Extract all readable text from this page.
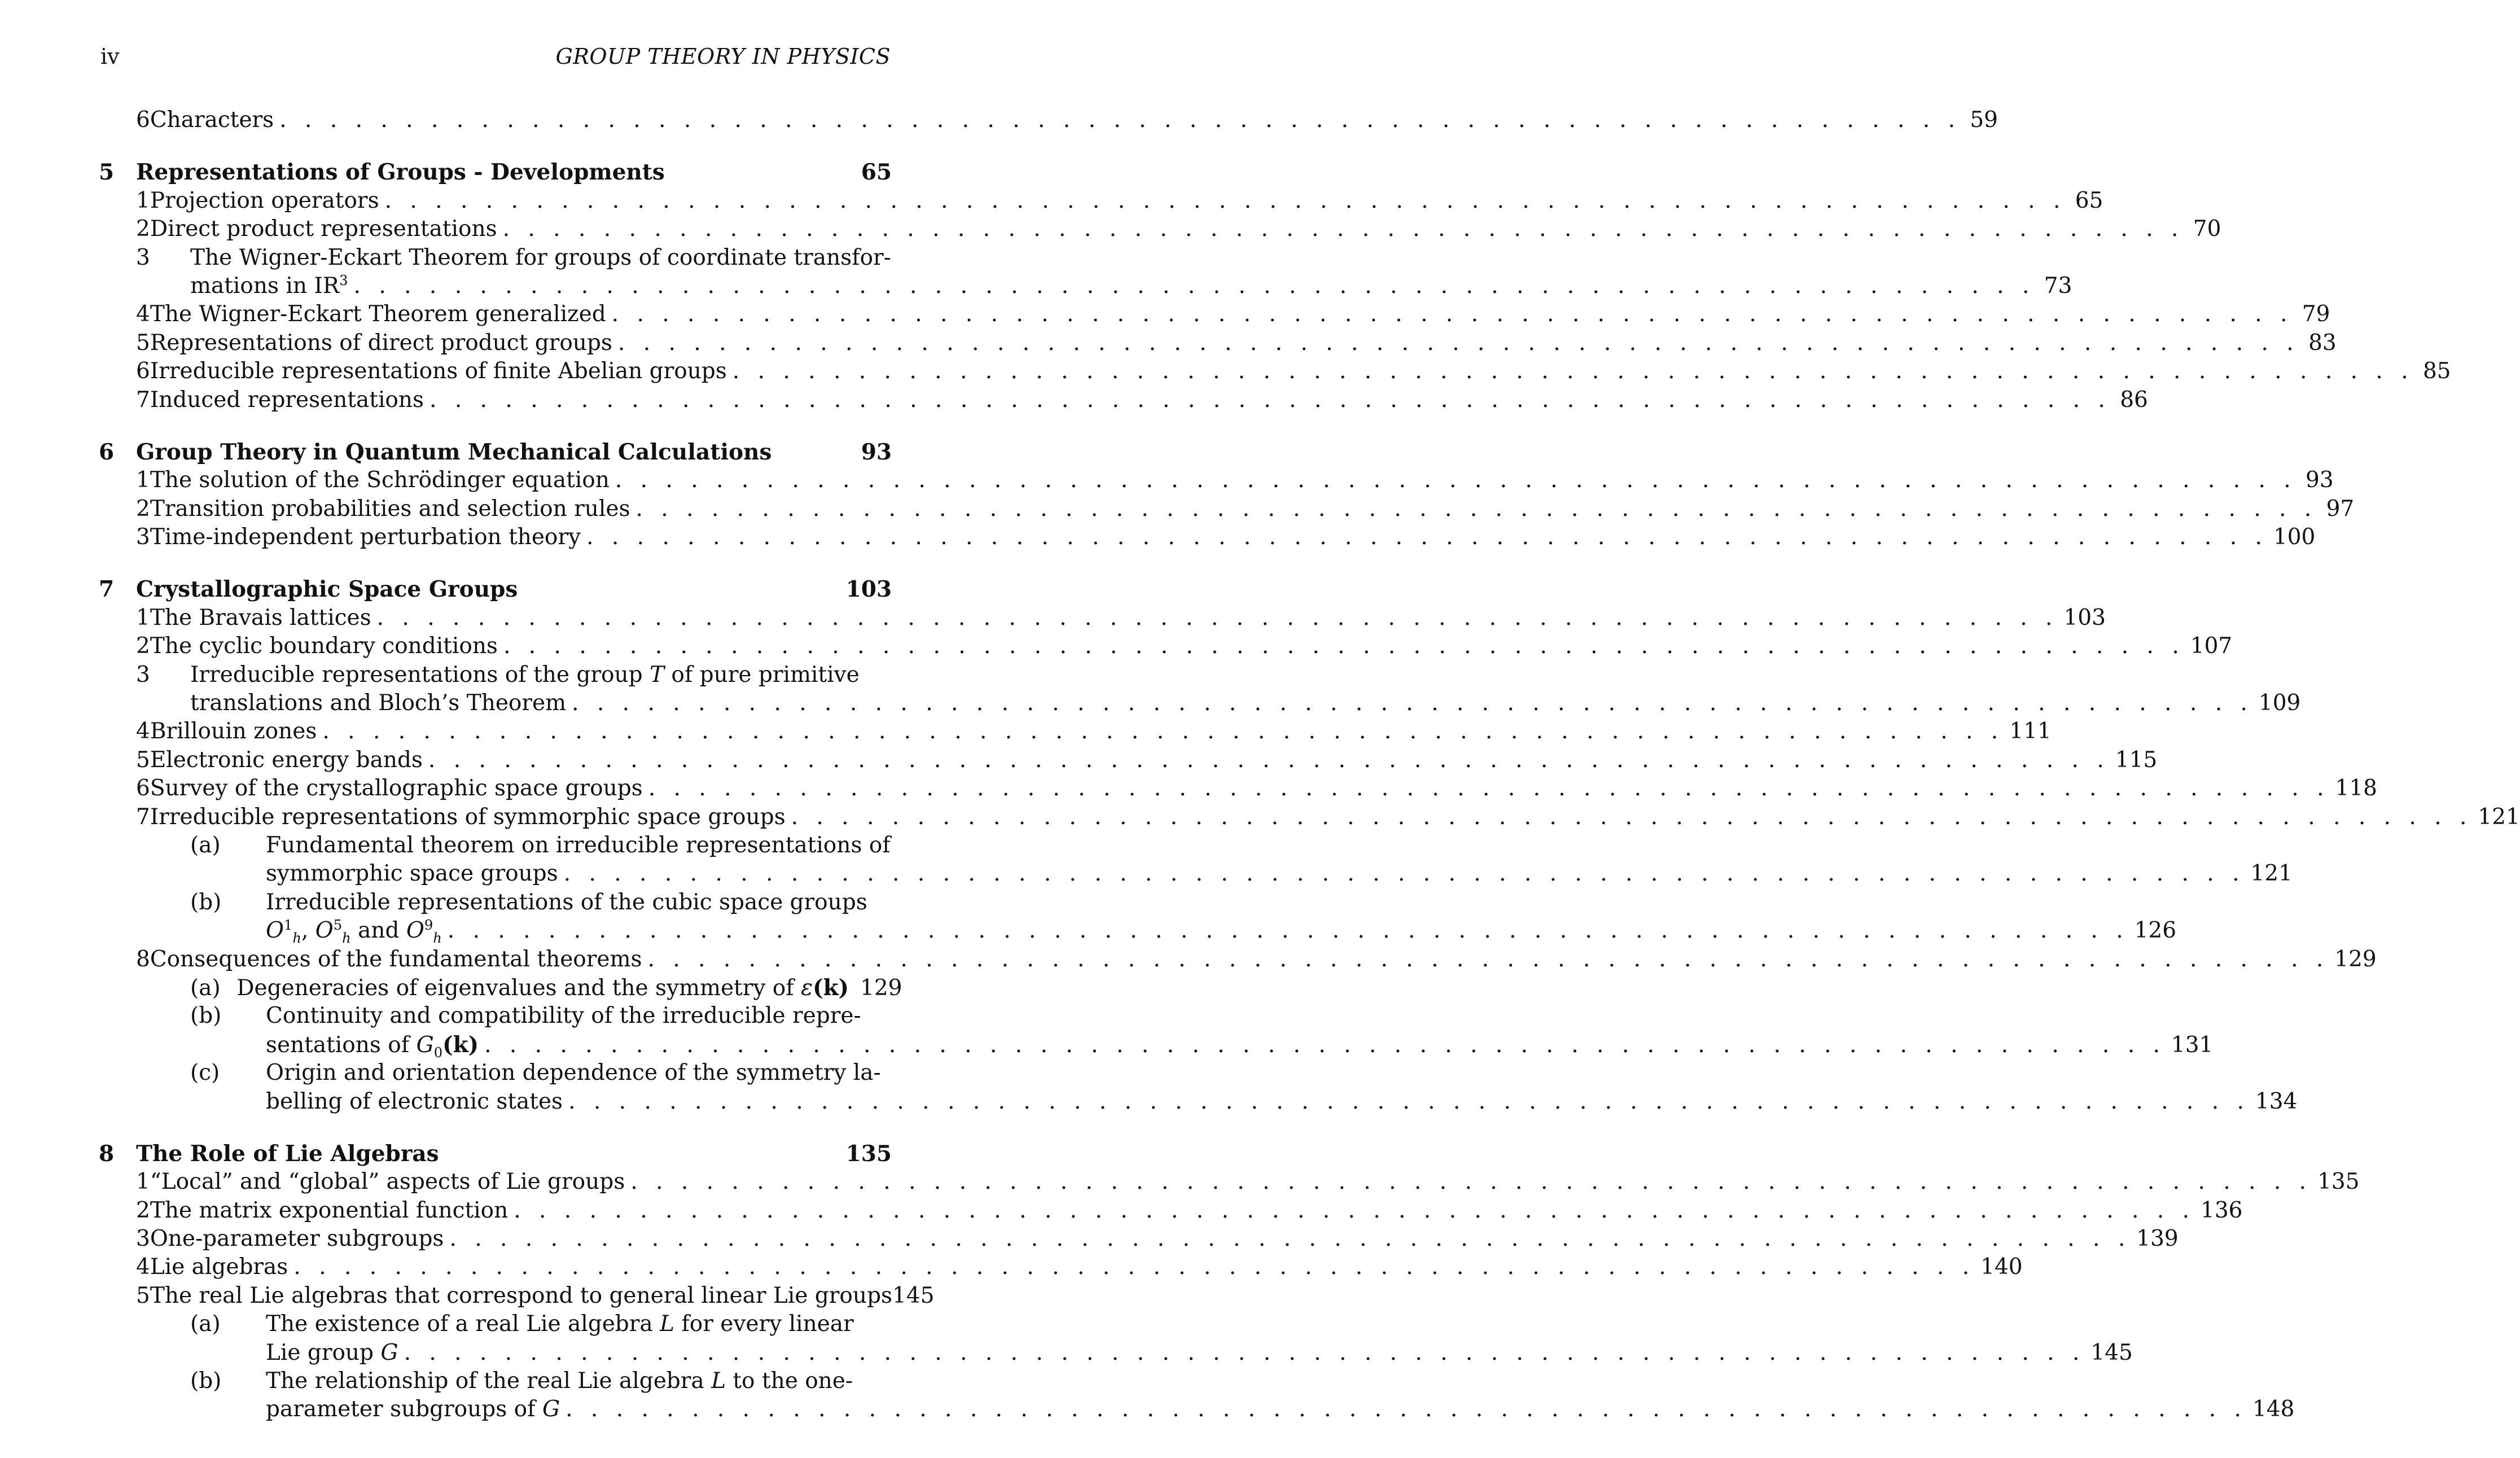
iv	GROUP THEORY IN PHYSICS
6 Characters . . . . . . . . . . . . . . . . . . . . . . . . . . . . . . . . . . . . . . . . . . . . . . . . . . . . . . . . . . . . . . . . . . . 59
5 Representations of Groups - Developments	65
1 Projection operators . . . . . . . . . . . . . . . . . . . . . . . . . . . . . . . . . . . . . . . . . . . . . . . . . . . . . . . . . . . . . . . . . . . 65
2 Direct product representations . . . . . . . . . . . . . . . . . . . . . . . . . . . . . . . . . . . . . . . . . . . . . . . . . . . . . . . . . . . . . . . . . . . 70
3	The Wigner-Eckart Theorem for groups of coordinate transfor-
mations in $IR^3$ . . . . . . . . . . . . . . . . . . . . . . . . . . . . . . . . . . . . . . . . . . . . . . . . . . . . . . . . . . . . . . . . . . . 73
4 The Wigner-Eckart Theorem generalized . . . . . . . . . . . . . . . . . . . . . . . . . . . . . . . . . . . . . . . . . . . . . . . . . . . . . . . . . . . . . . . . . . . 79
5 Representations of direct product groups . . . . . . . . . . . . . . . . . . . . . . . . . . . . . . . . . . . . . . . . . . . . . . . . . . . . . . . . . . . . . . . . . . . 83
6 Irreducible representations of finite Abelian groups . . . . . . . . . . . . . . . . . . . . . . . . . . . . . . . . . . . . . . . . . . . . . . . . . . . . . . . . . . . . . . . . . . . 85
7 Induced representations . . . . . . . . . . . . . . . . . . . . . . . . . . . . . . . . . . . . . . . . . . . . . . . . . . . . . . . . . . . . . . . . . . . 86
6 Group Theory in Quantum Mechanical Calculations	93
1 The solution of the Schrödinger equation . . . . . . . . . . . . . . . . . . . . . . . . . . . . . . . . . . . . . . . . . . . . . . . . . . . . . . . . . . . . . . . . . . . 93
2 Transition probabilities and selection rules . . . . . . . . . . . . . . . . . . . . . . . . . . . . . . . . . . . . . . . . . . . . . . . . . . . . . . . . . . . . . . . . . . . 97
3 Time-independent perturbation theory . . . . . . . . . . . . . . . . . . . . . . . . . . . . . . . . . . . . . . . . . . . . . . . . . . . . . . . . . . . . . . . . . . . 100
7 Crystallographic Space Groups	103
1 The Bravais lattices . . . . . . . . . . . . . . . . . . . . . . . . . . . . . . . . . . . . . . . . . . . . . . . . . . . . . . . . . . . . . . . . . . . 103
2 The cyclic boundary conditions . . . . . . . . . . . . . . . . . . . . . . . . . . . . . . . . . . . . . . . . . . . . . . . . . . . . . . . . . . . . . . . . . . . 107
3	Irreducible representations of the group T of pure primitive
translations and Bloch’s Theorem . . . . . . . . . . . . . . . . . . . . . . . . . . . . . . . . . . . . . . . . . . . . . . . . . . . . . . . . . . . . . . . . . . . 109
4 Brillouin zones . . . . . . . . . . . . . . . . . . . . . . . . . . . . . . . . . . . . . . . . . . . . . . . . . . . . . . . . . . . . . . . . . . . 111
5 Electronic energy bands . . . . . . . . . . . . . . . . . . . . . . . . . . . . . . . . . . . . . . . . . . . . . . . . . . . . . . . . . . . . . . . . . . . 115
6 Survey of the crystallographic space groups . . . . . . . . . . . . . . . . . . . . . . . . . . . . . . . . . . . . . . . . . . . . . . . . . . . . . . . . . . . . . . . . . . . 118
7 Irreducible representations of symmorphic space groups . . . . . . . . . . . . . . . . . . . . . . . . . . . . . . . . . . . . . . . . . . . . . . . . . . . . . . . . . . . . . . . . . . . 121
(a)	Fundamental theorem on irreducible representations of
symmorphic space groups . . . . . . . . . . . . . . . . . . . . . . . . . . . . . . . . . . . . . . . . . . . . . . . . . . . . . . . . . . . . . . . . . . . 121
(b)	Irreducible representations of the cubic space groups
$O^1_h$, $O^5_h$ and $O^9_h$ . . . . . . . . . . . . . . . . . . . . . . . . . . . . . . . . . . . . . . . . . . . . . . . . . . . . . . . . . . . . . . . . . . . 126
8 Consequences of the fundamental theorems . . . . . . . . . . . . . . . . . . . . . . . . . . . . . . . . . . . . . . . . . . . . . . . . . . . . . . . . . . . . . . . . . . . 129
(a) Degeneracies of eigenvalues and the symmetry of ε(k) 129
(b)	Continuity and compatibility of the irreducible repre-
sentations of $G_0(k)$ . . . . . . . . . . . . . . . . . . . . . . . . . . . . . . . . . . . . . . . . . . . . . . . . . . . . . . . . . . . . . . . . . . . 131
(c)	Origin and orientation dependence of the symmetry la-
belling of electronic states . . . . . . . . . . . . . . . . . . . . . . . . . . . . . . . . . . . . . . . . . . . . . . . . . . . . . . . . . . . . . . . . . . . 134
8 The Role of Lie Algebras	135
1 “Local” and “global” aspects of Lie groups . . . . . . . . . . . . . . . . . . . . . . . . . . . . . . . . . . . . . . . . . . . . . . . . . . . . . . . . . . . . . . . . . . . 135
2 The matrix exponential function . . . . . . . . . . . . . . . . . . . . . . . . . . . . . . . . . . . . . . . . . . . . . . . . . . . . . . . . . . . . . . . . . . . 136
3 One-parameter subgroups . . . . . . . . . . . . . . . . . . . . . . . . . . . . . . . . . . . . . . . . . . . . . . . . . . . . . . . . . . . . . . . . . . . 139
4 Lie algebras . . . . . . . . . . . . . . . . . . . . . . . . . . . . . . . . . . . . . . . . . . . . . . . . . . . . . . . . . . . . . . . . . . . 140
5 The real Lie algebras that correspond to general linear Lie groups 145
(a)	The existence of a real Lie algebra L for every linear
Lie group G . . . . . . . . . . . . . . . . . . . . . . . . . . . . . . . . . . . . . . . . . . . . . . . . . . . . . . . . . . . . . . . . . . . 145
(b)	The relationship of the real Lie algebra L to the one-
parameter subgroups of G . . . . . . . . . . . . . . . . . . . . . . . . . . . . . . . . . . . . . . . . . . . . . . . . . . . . . . . . . . . . . . . . . . . 148
